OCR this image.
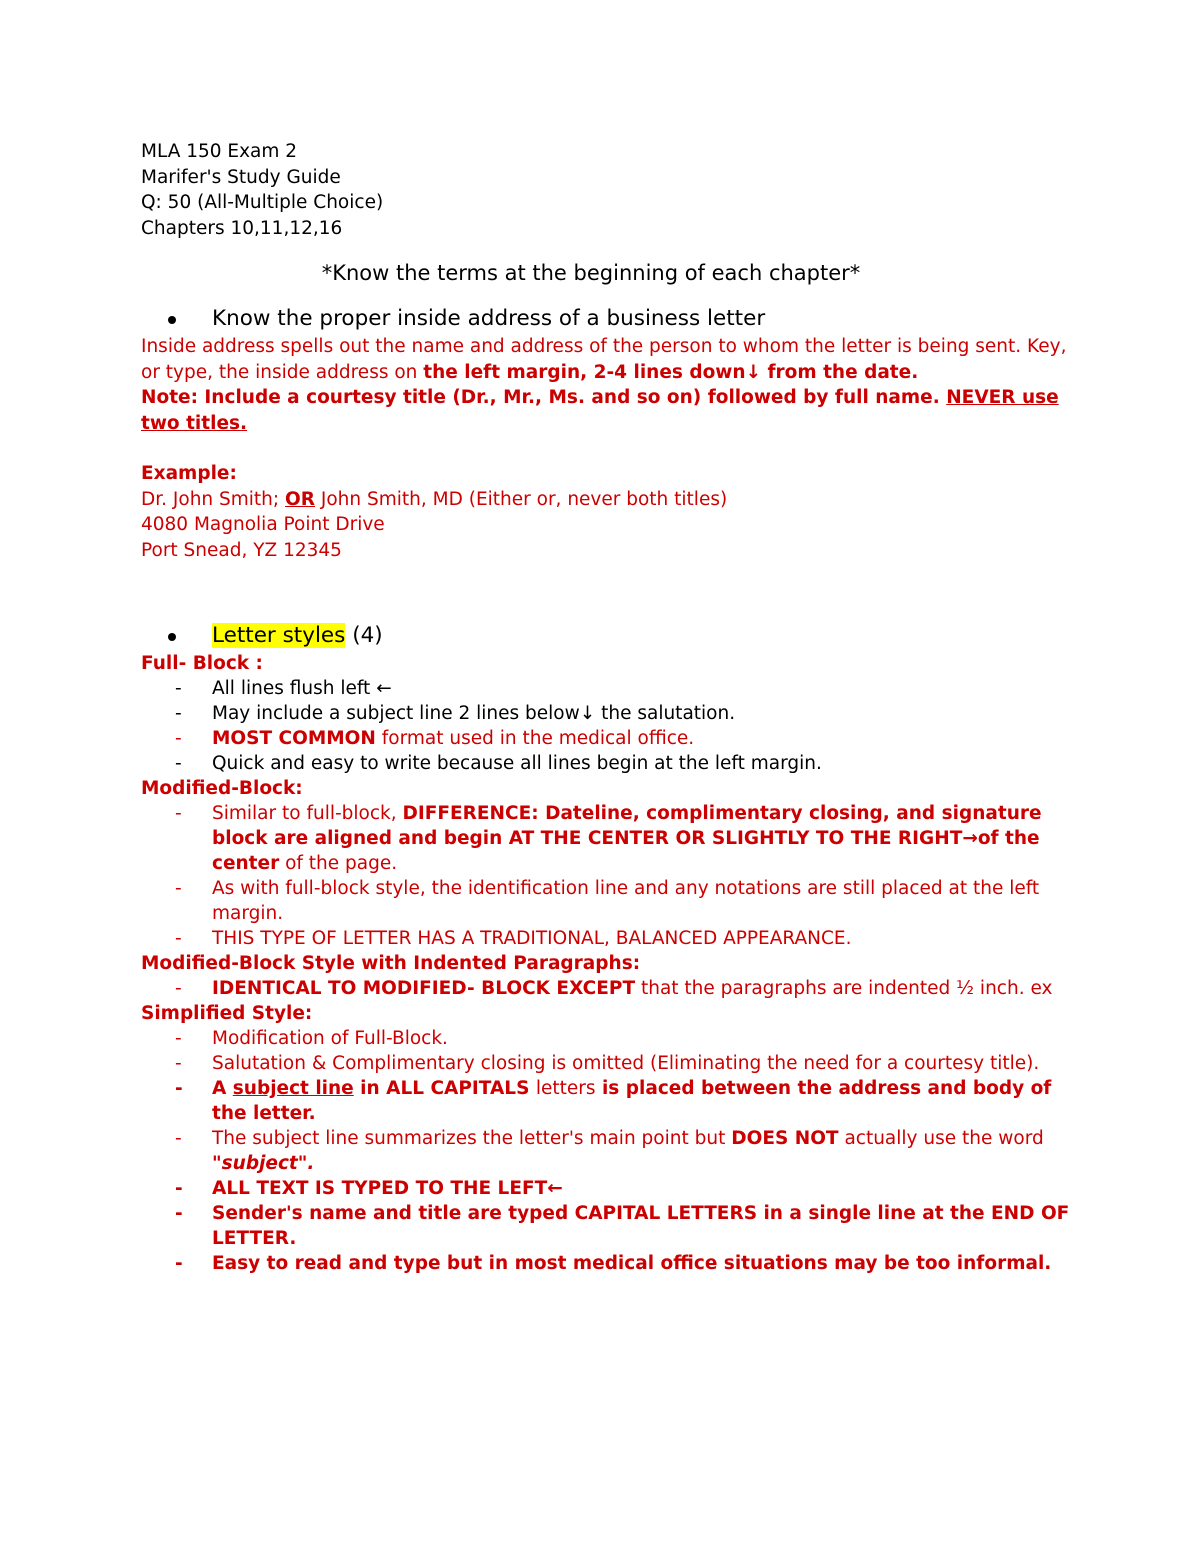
MLA 150 Exam 2
Marifer's Study Guide
Q: 50 (All-Multiple Choice)
Chapters 10,11,12,16
*Know the terms at the beginning of each chapter*
Know the proper inside address of a business letter
Inside address spells out the name and address of the person to whom the letter is being sent. Key, or type, the inside address on the left margin, 2-4 lines down↓ from the date.
Note: Include a courtesy title (Dr., Mr., Ms. and so on) followed by full name. NEVER use two titles.
Example:
Dr. John Smith; OR John Smith, MD (Either or, never both titles)
4080 Magnolia Point Drive
Port Snead, YZ 12345
Letter styles (4)
Full- Block :
- All lines flush left ←
- May include a subject line 2 lines below↓ the salutation.
- MOST COMMON format used in the medical office.
- Quick and easy to write because all lines begin at the left margin.
Modified-Block:
- Similar to full-block, DIFFERENCE: Dateline, complimentary closing, and signature block are aligned and begin AT THE CENTER OR SLIGHTLY TO THE RIGHT→of the center of the page.
- As with full-block style, the identification line and any notations are still placed at the left margin.
- THIS TYPE OF LETTER HAS A TRADITIONAL, BALANCED APPEARANCE.
Modified-Block Style with Indented Paragraphs:
- IDENTICAL TO MODIFIED- BLOCK EXCEPT that the paragraphs are indented ½ inch. ex
Simplified Style:
- Modification of Full-Block.
- Salutation & Complimentary closing is omitted (Eliminating the need for a courtesy title).
- A subject line in ALL CAPITALS letters is placed between the address and body of the letter.
- The subject line summarizes the letter's main point but DOES NOT actually use the word "subject".
- ALL TEXT IS TYPED TO THE LEFT←
- Sender's name and title are typed CAPITAL LETTERS in a single line at the END OF LETTER.
- Easy to read and type but in most medical office situations may be too informal.
